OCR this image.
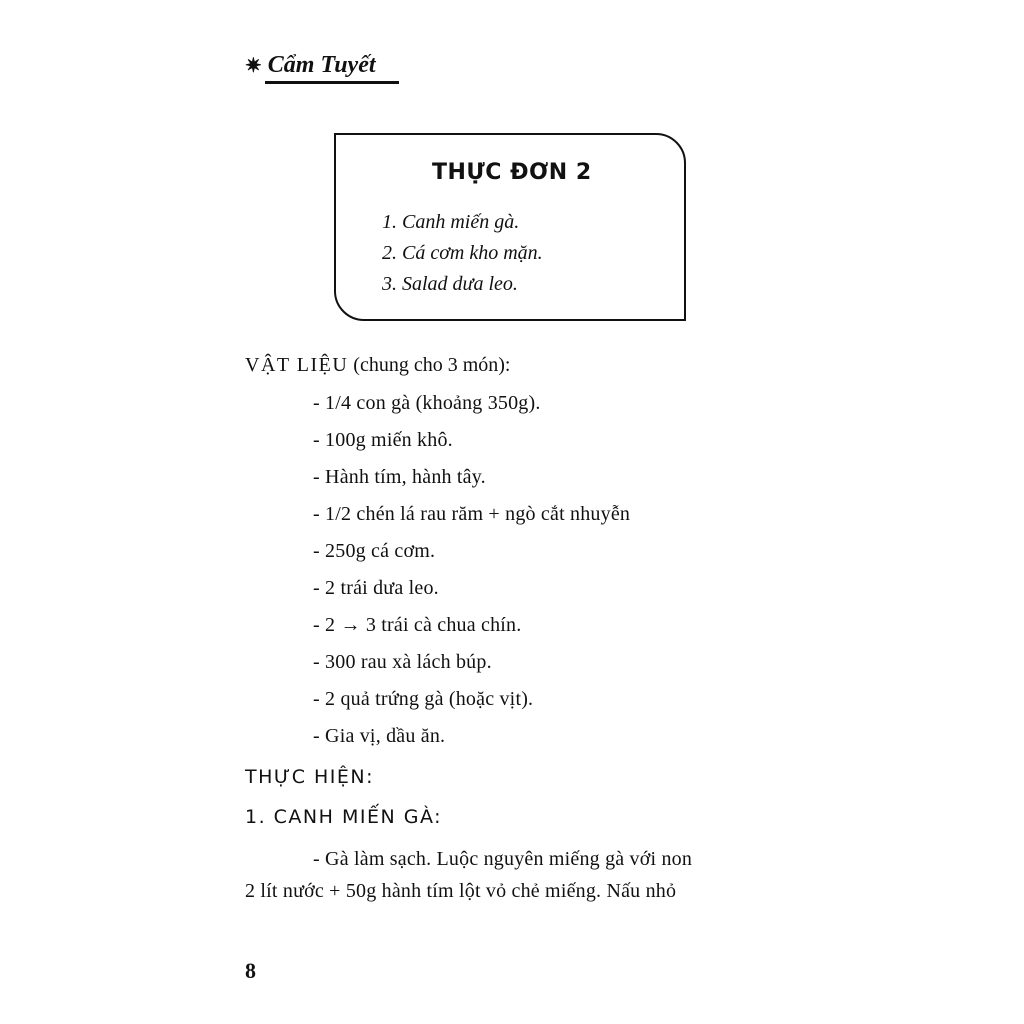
✷ Cẩm Tuyết
THỰC ĐƠN 2
1. Canh miến gà.
2. Cá cơm kho mặn.
3. Salad dưa leo.
VẬT LIỆU (chung cho 3 món):
- 1/4 con gà (khoảng 350g).
- 100g miến khô.
- Hành tím, hành tây.
- 1/2 chén lá rau răm + ngò cắt nhuyễn
- 250g cá cơm.
- 2 trái dưa leo.
- 2 → 3 trái cà chua chín.
- 300 rau xà lách búp.
- 2 quả trứng gà (hoặc vịt).
- Gia vị, dầu ăn.
THỰC HIỆN:
1. CANH MIẾN GÀ:
- Gà làm sạch. Luộc nguyên miếng gà với non
2 lít nước + 50g hành tím lột vỏ chẻ miếng. Nấu nhỏ
8
